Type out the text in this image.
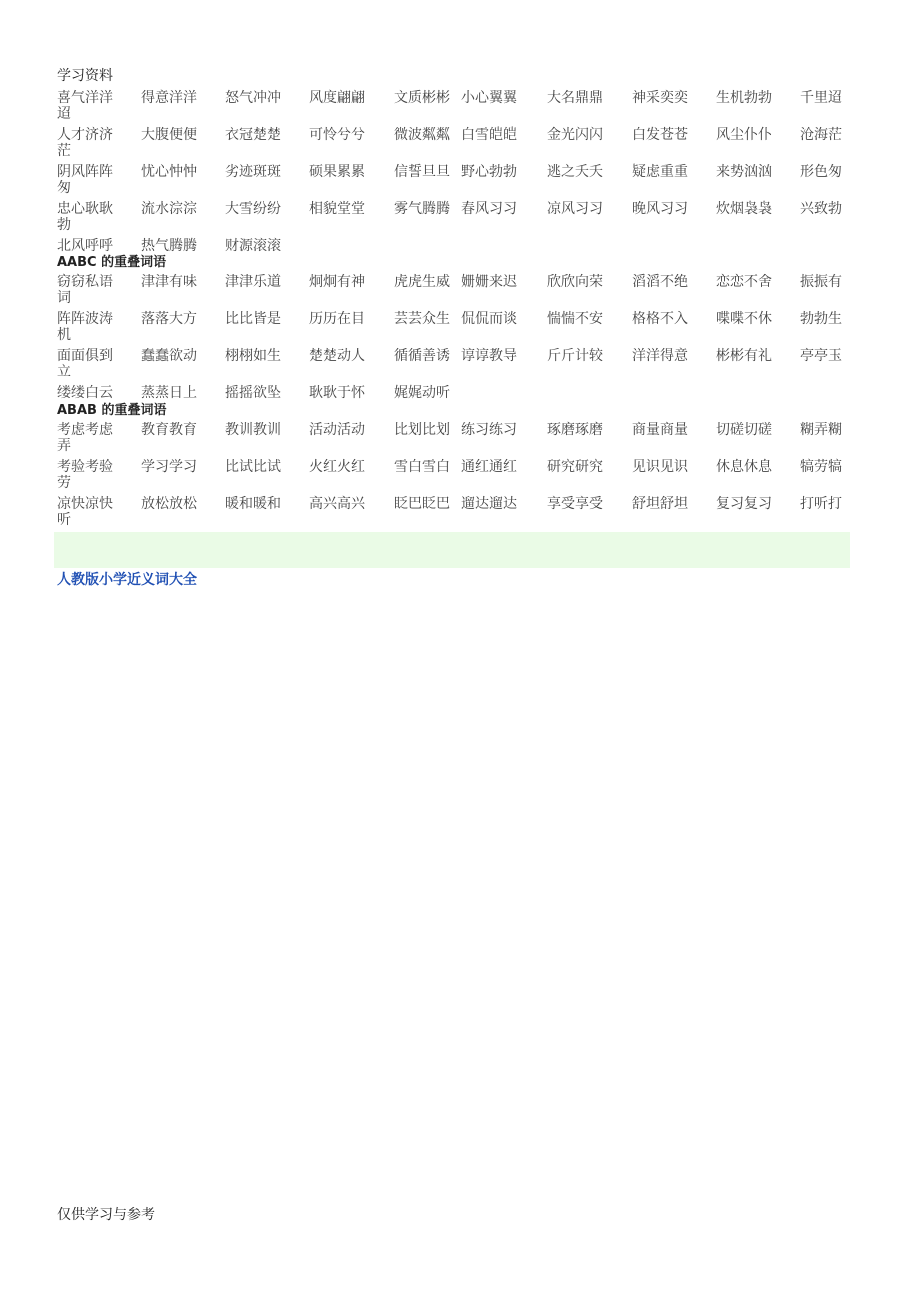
学习资料
喜气洋洋 得意洋洋 怒气冲冲 风度翩翩 文质彬彬 小心翼翼 大名鼎鼎 神采奕奕 生机勃勃 千里迢
迢
人才济济 大腹便便 衣冠楚楚 可怜兮兮 微波粼粼 白雪皑皑 金光闪闪 白发苍苍 风尘仆仆 沧海茫
茫
阴风阵阵 忧心忡忡 劣迹斑斑 硕果累累 信誓旦旦 野心勃勃 逃之夭夭 疑虑重重 来势汹汹 形色匆
匆
忠心耿耿 流水淙淙 大雪纷纷 相貌堂堂 雾气腾腾 春风习习 凉风习习 晚风习习 炊烟袅袅 兴致勃
勃
北风呼呼 热气腾腾 财源滚滚
AABC 的重叠词语
窃窃私语 津津有味 津津乐道 炯炯有神 虎虎生威 姗姗来迟 欣欣向荣 滔滔不绝 恋恋不舍 振振有
词
阵阵波涛 落落大方 比比皆是 历历在目 芸芸众生 侃侃而谈 惴惴不安 格格不入 喋喋不休 勃勃生
机
面面俱到 蠢蠢欲动 栩栩如生 楚楚动人 循循善诱 谆谆教导 斤斤计较 洋洋得意 彬彬有礼 亭亭玉
立
缕缕白云 蒸蒸日上 摇摇欲坠 耿耿于怀 娓娓动听
ABAB 的重叠词语
考虑考虑 教育教育 教训教训 活动活动 比划比划 练习练习 琢磨琢磨 商量商量 切磋切磋 糊弄糊
弄
考验考验 学习学习 比试比试 火红火红 雪白雪白 通红通红 研究研究 见识见识 休息休息 犒劳犒
劳
凉快凉快 放松放松 暖和暖和 高兴高兴 眨巴眨巴 遛达遛达 享受享受 舒坦舒坦 复习复习 打听打
听
人教版小学近义词大全
仅供学习与参考
